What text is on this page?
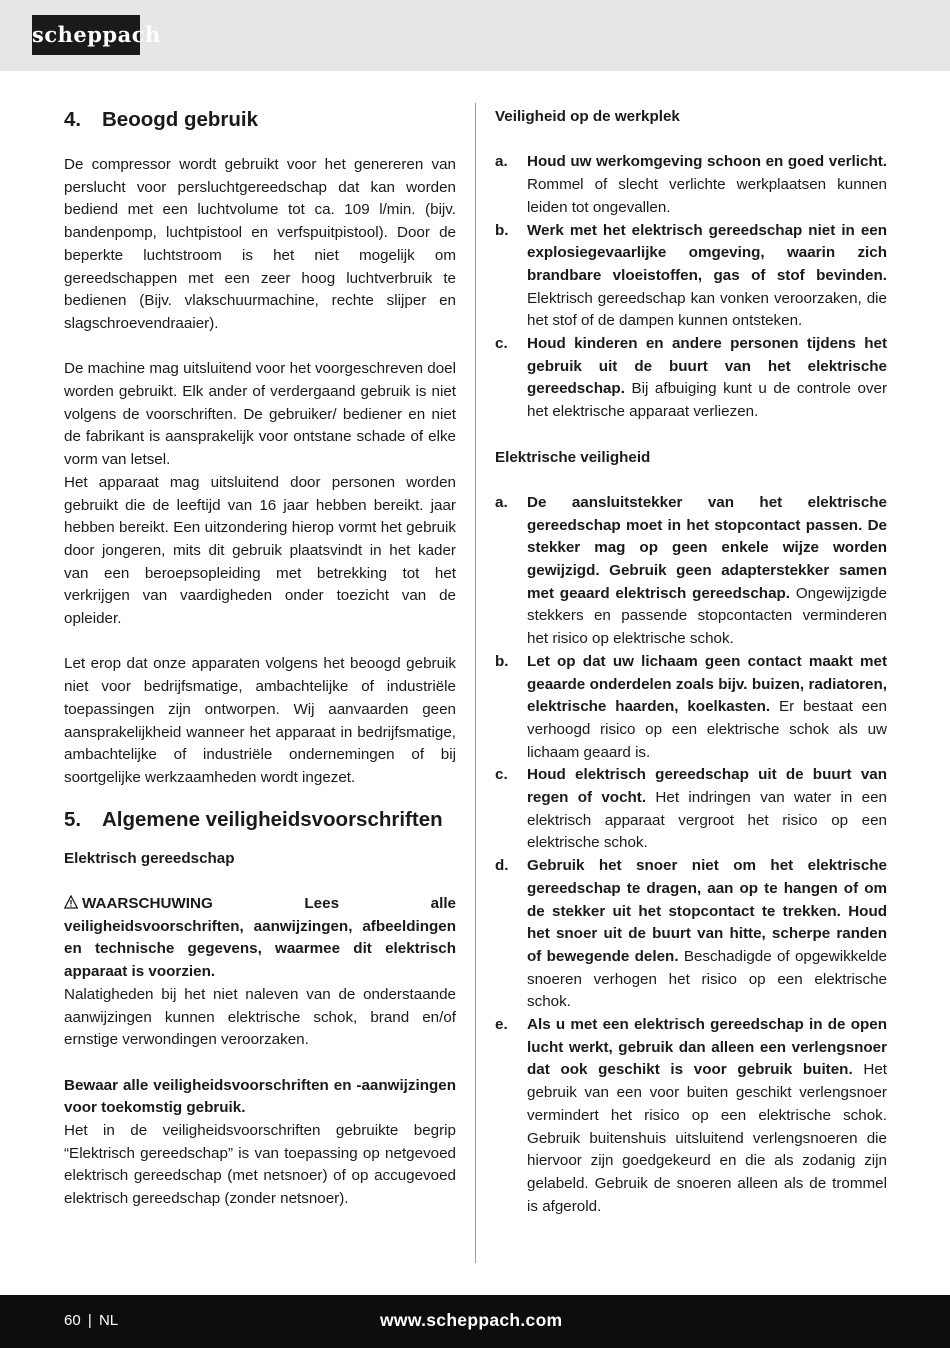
scheppach
4. Beoogd gebruik

De compressor wordt gebruikt voor het genereren van perslucht voor persluchtgereedschap dat kan worden bediend met een luchtvolume tot ca. 109 l/min. (bijv. bandenpomp, luchtpistool en verfspuitpistool). Door de beperkte luchtstroom is het niet mogelijk om gereedschappen met een zeer hoog luchtverbruik te bedienen (Bijv. vlakschuurmachine, rechte slijper en slagschroevendraaier).

De machine mag uitsluitend voor het voorgeschreven doel worden gebruikt. Elk ander of verdergaand gebruik is niet volgens de voorschriften. De gebruiker/ bediener en niet de fabrikant is aansprakelijk voor ontstane schade of elke vorm van letsel.

Het apparaat mag uitsluitend door personen worden gebruikt die de leeftijd van 16 jaar hebben bereikt. jaar hebben bereikt. Een uitzondering hierop vormt het gebruik door jongeren, mits dit gebruik plaatsvindt in het kader van een beroepsopleiding met betrekking tot het verkrijgen van vaardigheden onder toezicht van de opleider.

Let erop dat onze apparaten volgens het beoogd gebruik niet voor bedrijfsmatige, ambachtelijke of industriële toepassingen zijn ontworpen. Wij aanvaarden geen aansprakelijkheid wanneer het apparaat in bedrijfsmatige, ambachtelijke of industriële ondernemingen of bij soortgelijke werkzaamheden wordt ingezet.

5. Algemene veiligheidsvoorschriften

Elektrisch gereedschap

WAARSCHUWING Lees alle veiligheidsvoorschriften, aanwijzingen, afbeeldingen en technische gegevens, waarmee dit elektrisch apparaat is voorzien.

Nalatigheden bij het niet naleven van de onderstaande aanwijzingen kunnen elektrische schok, brand en/of ernstige verwondingen veroorzaken.

Bewaar alle veiligheidsvoorschriften en -aanwijzingen voor toekomstig gebruik.

Het in de veiligheidsvoorschriften gebruikte begrip “Elektrisch gereedschap” is van toepassing op netgevoed elektrisch gereedschap (met netsnoer) of op accugevoed elektrisch gereedschap (zonder netsnoer).

Veiligheid op de werkplek

a. Houd uw werkomgeving schoon en goed verlicht. Rommel of slecht verlichte werkplaatsen kunnen leiden tot ongevallen.
b. Werk met het elektrisch gereedschap niet in een explosiegevaarlijke omgeving, waarin zich brandbare vloeistoffen, gas of stof bevinden. Elektrisch gereedschap kan vonken veroorzaken, die het stof of de dampen kunnen ontsteken.
c. Houd kinderen en andere personen tijdens het gebruik uit de buurt van het elektrische gereedschap. Bij afbuiging kunt u de controle over het elektrische apparaat verliezen.

Elektrische veiligheid

a. De aansluitstekker van het elektrische gereedschap moet in het stopcontact passen. De stekker mag op geen enkele wijze worden gewijzigd. Gebruik geen adapterstekker samen met geaard elektrisch gereedschap. Ongewijzigde stekkers en passende stopcontacten verminderen het risico op elektrische schok.
b. Let op dat uw lichaam geen contact maakt met geaarde onderdelen zoals bijv. buizen, radiatoren, elektrische haarden, koelkasten. Er bestaat een verhoogd risico op een elektrische schok als uw lichaam geaard is.
c. Houd elektrisch gereedschap uit de buurt van regen of vocht. Het indringen van water in een elektrisch apparaat vergroot het risico op een elektrische schok.
d. Gebruik het snoer niet om het elektrische gereedschap te dragen, aan op te hangen of om de stekker uit het stopcontact te trekken. Houd het snoer uit de buurt van hitte, scherpe randen of bewegende delen. Beschadigde of opgewikkelde snoeren verhogen het risico op een elektrische schok.
e. Als u met een elektrisch gereedschap in de open lucht werkt, gebruik dan alleen een verlengsnoer dat ook geschikt is voor gebruik buiten. Het gebruik van een voor buiten geschikt verlengsnoer vermindert het risico op een elektrische schok. Gebruik buitenshuis uitsluitend verlengsnoeren die hiervoor zijn goedgekeurd en die als zodanig zijn gelabeld. Gebruik de snoeren alleen als de trommel is afgerold.
60 | NL	www.scheppach.com
